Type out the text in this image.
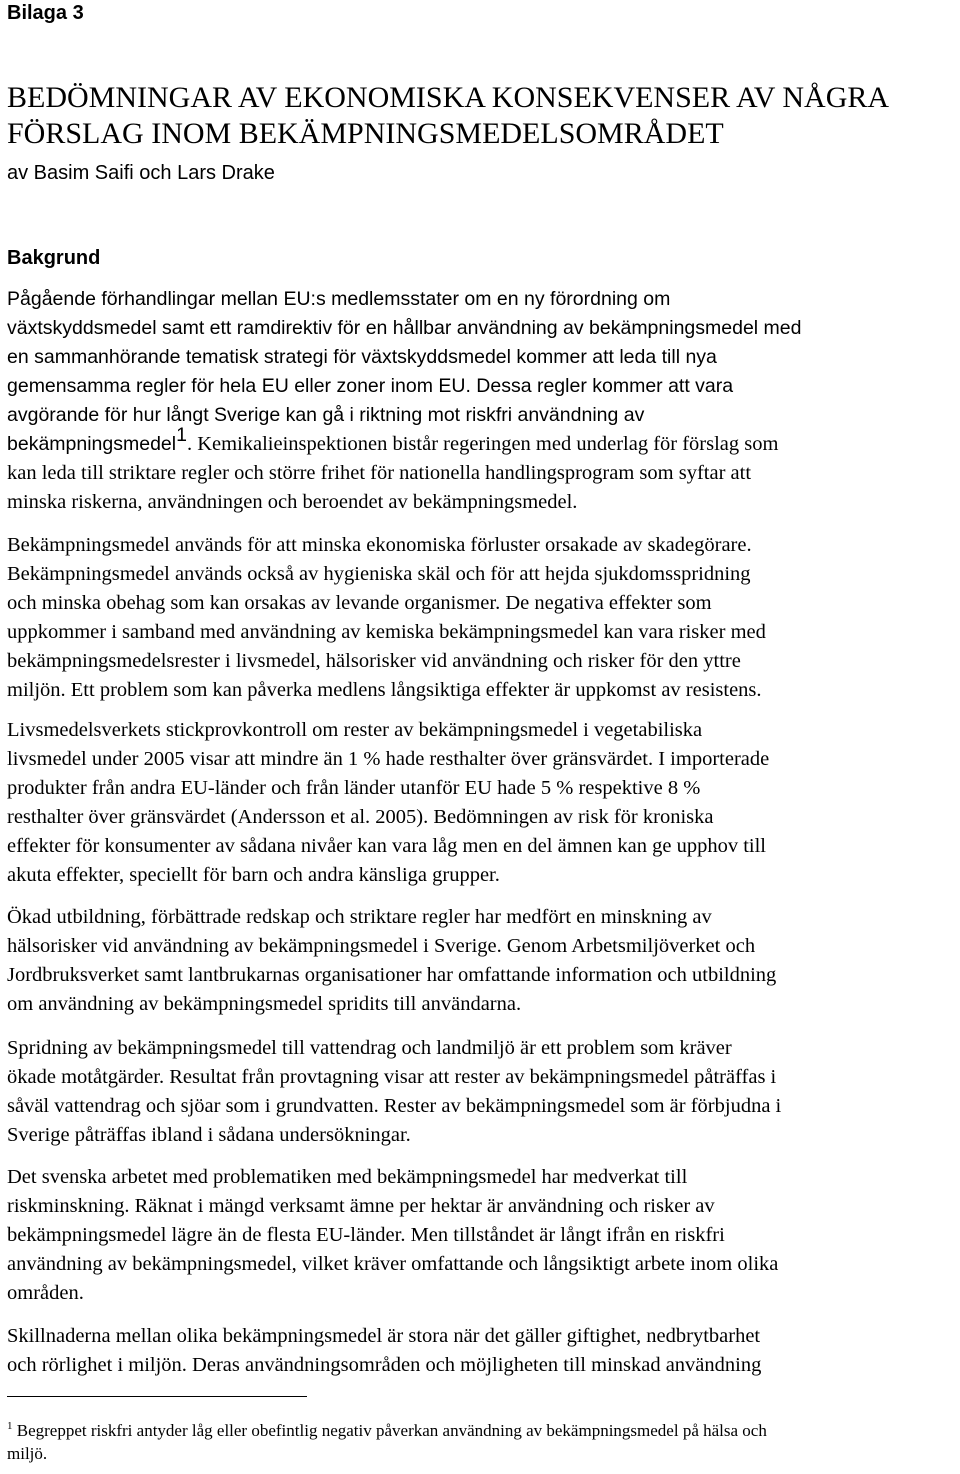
Bilaga 3
BEDÖMNINGAR AV EKONOMISKA KONSEKVENSER AV NÅGRA
FÖRSLAG INOM BEKÄMPNINGSMEDELSOMRÅDET
av Basim Saifi och Lars Drake
Bakgrund

Pågående förhandlingar mellan EU:s medlemsstater om en ny förordning om
växtskyddsmedel samt ett ramdirektiv för en hållbar användning av bekämpningsmedel med
en sammanhörande tematisk strategi för växtskyddsmedel kommer att leda till nya
gemensamma regler för hela EU eller zoner inom EU. Dessa regler kommer att vara
avgörande för hur långt Sverige kan gå i riktning mot riskfri användning av
bekämpningsmedel$^1$. Kemikalieinspektionen bistår regeringen med underlag för förslag som
kan leda till striktare regler och större frihet för nationella handlingsprogram som syftar att
minska riskerna, användningen och beroendet av bekämpningsmedel.

Bekämpningsmedel används för att minska ekonomiska förluster orsakade av skadegörare.
Bekämpningsmedel används också av hygieniska skäl och för att hejda sjukdomsspridning
och minska obehag som kan orsakas av levande organismer. De negativa effekter som
uppkommer i samband med användning av kemiska bekämpningsmedel kan vara risker med
bekämpningsmedelsrester i livsmedel, hälsorisker vid användning och risker för den yttre
miljön. Ett problem som kan påverka medlens långsiktiga effekter är uppkomst av resistens.

Livsmedelsverkets stickprovkontroll om rester av bekämpningsmedel i vegetabiliska
livsmedel under 2005 visar att mindre än 1 % hade resthalter över gränsvärdet. I importerade
produkter från andra EU-länder och från länder utanför EU hade 5 % respektive 8 %
resthalter över gränsvärdet (Andersson et al. 2005). Bedömningen av risk för kroniska
effekter för konsumenter av sådana nivåer kan vara låg men en del ämnen kan ge upphov till
akuta effekter, speciellt för barn och andra känsliga grupper.

Ökad utbildning, förbättrade redskap och striktare regler har medfört en minskning av
hälsorisker vid användning av bekämpningsmedel i Sverige. Genom Arbetsmiljöverket och
Jordbruksverket samt lantbrukarnas organisationer har omfattande information och utbildning
om användning av bekämpningsmedel spridits till användarna.

Spridning av bekämpningsmedel till vattendrag och landmiljö är ett problem som kräver
ökade motåtgärder. Resultat från provtagning visar att rester av bekämpningsmedel påträffas i
såväl vattendrag och sjöar som i grundvatten. Rester av bekämpningsmedel som är förbjudna i
Sverige påträffas ibland i sådana undersökningar.

Det svenska arbetet med problematiken med bekämpningsmedel har medverkat till
riskminskning. Räknat i mängd verksamt ämne per hektar är användning och risker av
bekämpningsmedel lägre än de flesta EU-länder. Men tillståndet är långt ifrån en riskfri
användning av bekämpningsmedel, vilket kräver omfattande och långsiktigt arbete inom olika
områden.

Skillnaderna mellan olika bekämpningsmedel är stora när det gäller giftighet, nedbrytbarhet
och rörlighet i miljön. Deras användningsområden och möjligheten till minskad användning

$^1$ Begreppet riskfri antyder låg eller obefintlig negativ påverkan användning av bekämpningsmedel på hälsa och
miljö.
